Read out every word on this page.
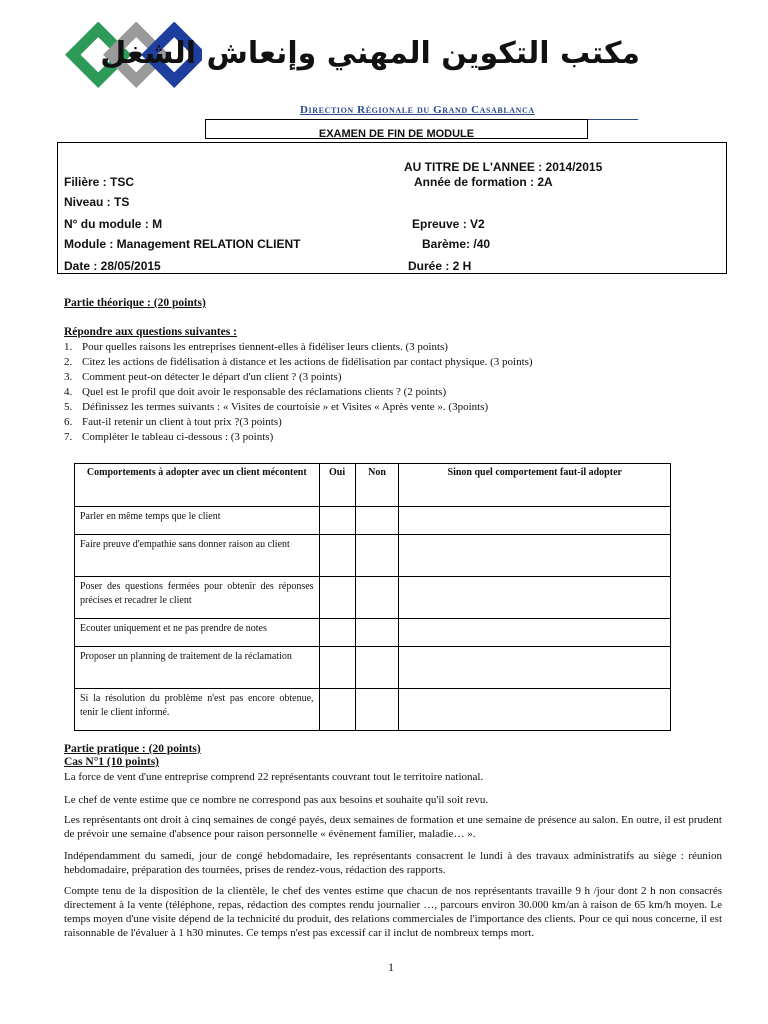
مكتب التكوين المهني وإنعاش الشغل
Direction Régionale du Grand Casablanca
EXAMEN DE FIN DE MODULE
AU TITRE DE L'ANNEE : 2014/2015
Filière : TSC	Année de formation : 2A
Niveau : TS
N° du module : M	Epreuve : V2
Module : Management RELATION CLIENT	Barème: /40
Date : 28/05/2015	Durée : 2 H
Partie théorique : (20 points)
Répondre aux questions suivantes :
1. Pour quelles raisons les entreprises tiennent-elles à fidéliser leurs clients. (3 points)
2. Citez les actions de fidélisation à distance et les actions de fidélisation par contact physique. (3 points)
3. Comment peut-on détecter le départ d'un client ? (3 points)
4. Quel est le profil que doit avoir le responsable des réclamations clients ? (2 points)
5. Définissez les termes suivants : « Visites de courtoisie » et Visites « Après vente ». (3points)
6. Faut-il retenir un client à tout prix ?(3 points)
7. Compléter le tableau ci-dessous : (3 points)
Comportements à adopter avec un client mécontent	Oui	Non	Sinon quel comportement faut-il adopter
Parler en même temps que le client			
Faire preuve d'empathie sans donner raison au client			
Poser des questions fermées pour obtenir des réponses précises et recadrer le client			
Ecouter uniquement et ne pas prendre de notes			
Proposer un planning de traitement de la réclamation			
Si la résolution du problème n'est pas encore obtenue, tenir le client informé.			
Partie pratique : (20 points)
Cas N°1 (10 points)
La force de vent d'une entreprise comprend 22 représentants couvrant tout le territoire national.
Le chef de vente estime que ce nombre ne correspond pas aux besoins et souhaite qu'il soit revu.
Les représentants ont droit à cinq semaines de congé payés, deux semaines de formation et une semaine de présence au salon. En outre, il est prudent de prévoir une semaine d'absence pour raison personnelle « évènement familier, maladie… ».
Indépendamment du samedi, jour de congé hebdomadaire, les représentants consacrent le lundi à des travaux administratifs au siège : réunion hebdomadaire, préparation des tournées, prises de rendez-vous, rédaction des rapports.
Compte tenu de la disposition de la clientèle, le chef des ventes estime que chacun de nos représentants travaille 9 h /jour dont 2 h non consacrés directement à la vente (téléphone, repas, rédaction des comptes rendu journalier …, parcours environ 30.000 km/an à raison de 65 km/h moyen. Le temps moyen d'une visite dépend de la technicité du produit, des relations commerciales de l'importance des clients. Pour ce qui nous concerne, il est raisonnable de l'évaluer à 1 h30 minutes. Ce temps n'est pas excessif car il inclut de nombreux temps mort.
1
